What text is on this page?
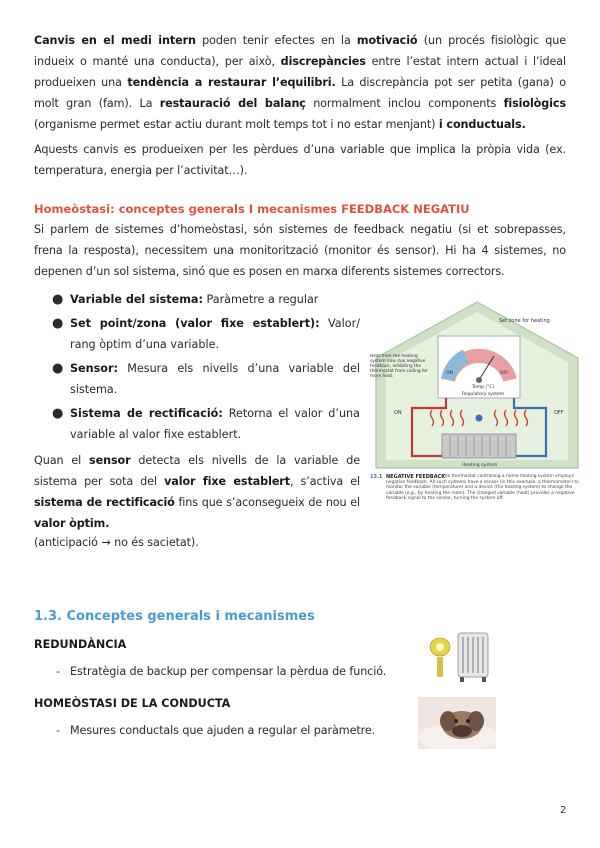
Canvis en el medi intern poden tenir efectes en la motivació (un procés fisiològic que indueix o manté una conducta), per això, discrepàncies entre l’estat intern actual i l’ideal produeixen una tendència a restaurar l’equilibri. La discrepància pot ser petita (gana) o molt gran (fam). La restauració del balanç normalment inclou components fisiològics (organisme permet estar actiu durant molt temps tot i no estar menjant) i conductuals.

Aquests canvis es produeixen per les pèrdues d’una variable que implica la pròpia vida (ex. temperatura, energia per l’activitat…).

Homeòstasi: conceptes generals I mecanismes FEEDBACK NEGATIU

Si parlem de sistemes d’homeòstasi, són sistemes de feedback negatiu (si et sobrepasses, frena la resposta), necessitem una monitorització (monitor és sensor). Hi ha 4 sistemes, no depenen d’un sol sistema, sinó que es posen en marxa diferents sistemes correctors.

● Variable del sistema: Paràmetre a regular
● Set point/zona (valor fixe establert): Valor/ rang òptim d’una variable.
● Sensor: Mesura els nivells d’una variable del sistema.
● Sistema de rectificació: Retorna el valor d’una variable al valor fixe establert.

Quan el sensor detecta els nivells de la variable de sistema per sota del valor fixe establert, s’activa el sistema de rectificació fins que s’aconsegueix de nou el valor òptim.

(anticipació → no és sacietat).

Set zone for heating
ON	OFF
Temp (°C)
Regulatory system
Heat from the heating system now due negative feedback, inhibiting the thermostat from calling for more heat.
ON	OFF
Heating system
13.1 NEGATIVE FEEDBACK
The thermostat controlling a home heating system employs negative feedback. All such systems have a sensor (in this example, a thermometer) to monitor the variable (temperature) and a device (the heating system) to change the variable (e.g., by heating the room). The changed variable (heat) provides a negative feedback signal to the sensor, turning the system off.
1.3. Conceptes generals i mecanismes
REDUNDÀNCIA
- Estratègia de backup per compensar la pèrdua de funció.
HOMEÒSTASI DE LA CONDUCTA
- Mesures conductals que ajuden a regular el paràmetre.
2
